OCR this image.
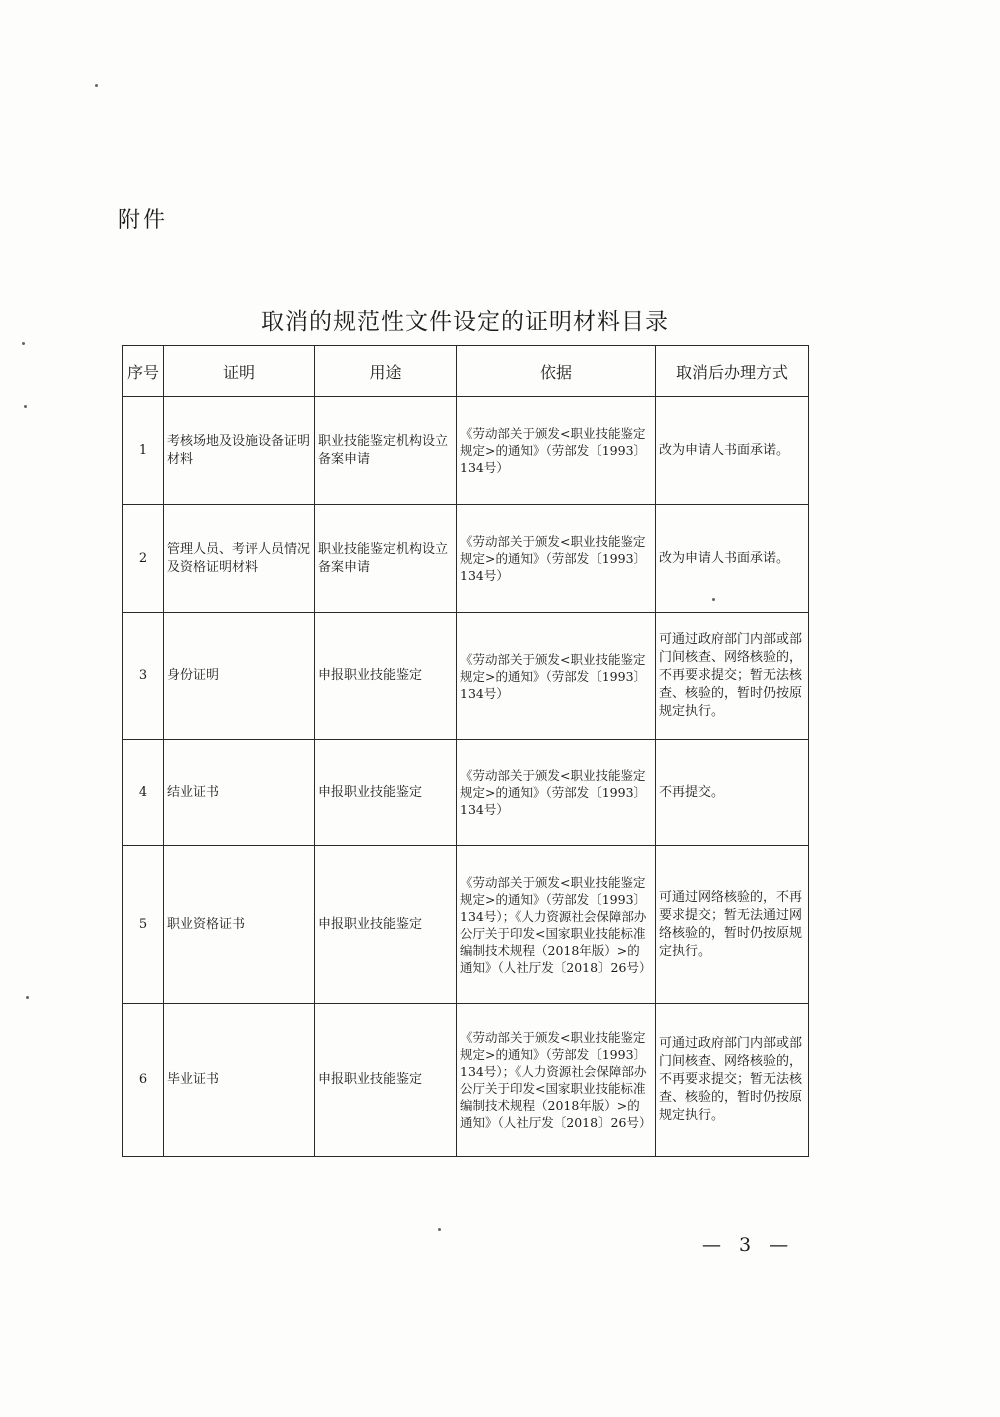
附件
取消的规范性文件设定的证明材料目录
序号	证明	用途	依据	取消后办理方式
1	考核场地及设施设备证明材料	职业技能鉴定机构设立备案申请	《劳动部关于颁发<职业技能鉴定规定>的通知》（劳部发〔1993〕134号）	改为申请人书面承诺。
2	管理人员、考评人员情况及资格证明材料	职业技能鉴定机构设立备案申请	《劳动部关于颁发<职业技能鉴定规定>的通知》（劳部发〔1993〕134号）	改为申请人书面承诺。
3	身份证明	申报职业技能鉴定	《劳动部关于颁发<职业技能鉴定规定>的通知》（劳部发〔1993〕134号）	可通过政府部门内部或部门间核查、网络核验的，不再要求提交；暂无法核查、核验的，暂时仍按原规定执行。
4	结业证书	申报职业技能鉴定	《劳动部关于颁发<职业技能鉴定规定>的通知》（劳部发〔1993〕134号）	不再提交。
5	职业资格证书	申报职业技能鉴定	《劳动部关于颁发<职业技能鉴定规定>的通知》（劳部发〔1993〕134号）；《人力资源社会保障部办公厅关于印发<国家职业技能标准编制技术规程（2018年版）>的通知》（人社厅发〔2018〕26号）	可通过网络核验的，不再要求提交；暂无法通过网络核验的，暂时仍按原规定执行。
6	毕业证书	申报职业技能鉴定	《劳动部关于颁发<职业技能鉴定规定>的通知》（劳部发〔1993〕134号）；《人力资源社会保障部办公厅关于印发<国家职业技能标准编制技术规程（2018年版）>的通知》（人社厅发〔2018〕26号）	可通过政府部门内部或部门间核查、网络核验的，不再要求提交；暂无法核查、核验的，暂时仍按原规定执行。
— 3 —
